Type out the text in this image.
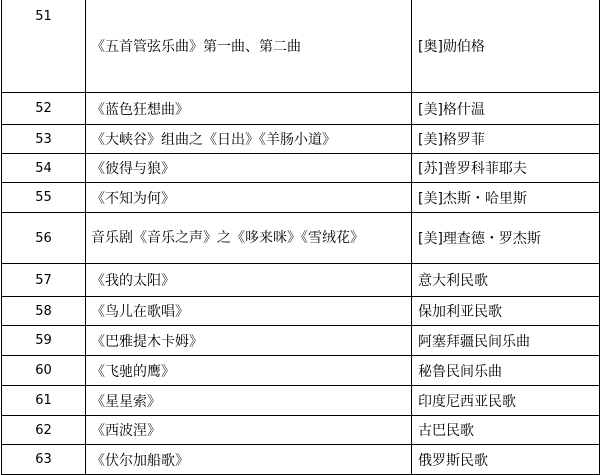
51	《五首管弦乐曲》第一曲、第二曲	[奥]勋伯格
52	《蓝色狂想曲》	[美]格什温
53	《大峡谷》组曲之《日出》《羊肠小道》	[美]格罗菲
54	《彼得与狼》	[苏]普罗科菲耶夫
55	《不知为何》	[美]杰斯・哈里斯
56	音乐剧《音乐之声》之《哆来咪》《雪绒花》	[美]理查德・罗杰斯
57	《我的太阳》	意大利民歌
58	《鸟儿在歌唱》	保加利亚民歌
59	《巴雅提木卡姆》	阿塞拜疆民间乐曲
60	《飞驰的鹰》	秘鲁民间乐曲
61	《星星索》	印度尼西亚民歌
62	《西波涅》	古巴民歌
63	《伏尔加船歌》	俄罗斯民歌
